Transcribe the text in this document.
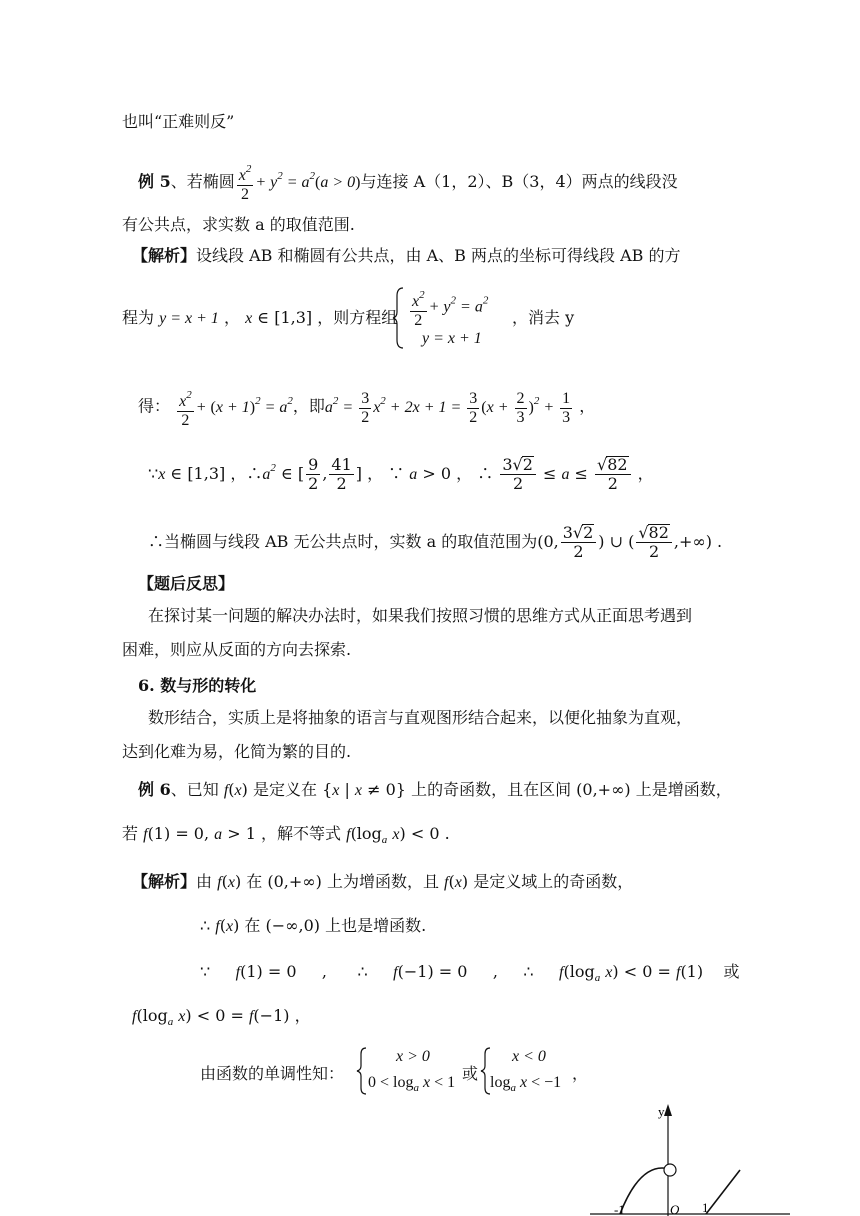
也叫“正难则反”
例 5、若椭圆 $\frac{x^2}{2} + y^2 = a^2(a > 0)$与连接 A（1，2）、B（3，4）两点的线段没
有公共点，求实数 a 的取值范围.
【解析】设线段 AB 和椭圆有公共点，由 A、B 两点的坐标可得线段 AB 的方
程为 y = x + 1 ， x ∈ [1,3] ，则方程组 $\frac{x^2}{2} + y^2 = a^2$
y = x + 1
，消去 y
得： $\frac{x^2}{2} + (x + 1)^2 = a^2$，即$a^2 = \frac{3}{2} x^2 + 2x + 1 = \frac{3}{2} (x + \frac{2}{3} )^2 + \frac{1}{3}$ ，
∵x ∈ [1,3] ，$\therefore a^2$ ∈ [ $\frac{9}{2}$ , $\frac{41}{2}$ ] ， ∵ a > 0 ， ∴ $\frac{3√2}{2} \le a \le \frac{√82}{2}$ ，
∴当椭圆与线段 AB 无公共点时，实数 a 的取值范围为(0, $\frac{3√2}{2}$ ) ∪ ( $\frac{√82}{2}$ ,+∞) .
【题后反思】
在探讨某一问题的解决办法时，如果我们按照习惯的思维方式从正面思考遇到
困难，则应从反面的方向去探索.
6. 数与形的转化
数形结合，实质上是将抽象的语言与直观图形结合起来，以便化抽象为直观，
达到化难为易，化简为繁的目的.
例 6、已知 f(x) 是定义在 {x | x ≠ 0} 上的奇函数，且在区间 (0,+∞) 上是增函数，
若 f(1) = 0, a > 1 ，解不等式 $f(\log_a$ x) < 0 .
【解析】由 f(x) 在 (0,+∞) 上为增函数，且 f(x) 是定义域上的奇函数，
∴ f(x) 在 (−∞,0) 上也是增函数.
∵ f(1) = 0     ,      ∴ f(−1) = 0     ,     ∴ $f(\log_a$ x) < 0 = f(1)    或
$f(\log_a$ x) < 0 = f(−1) ，
由函数的单调性知：
x > 0
$0 < \log_a x < 1$ 或
x < 0
$\log_a x < -1$ ，
y
O
-1	1
